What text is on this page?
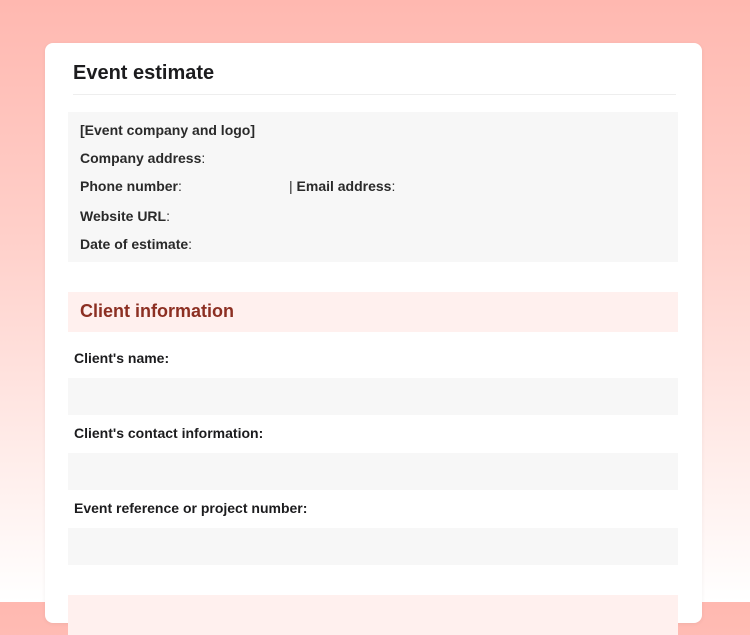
Event estimate
[Event company and logo]
Company address:
Phone number:	| Email address:
Website URL:
Date of estimate:
Client information
Client's name:
Client's contact information:
Event reference or project number:
